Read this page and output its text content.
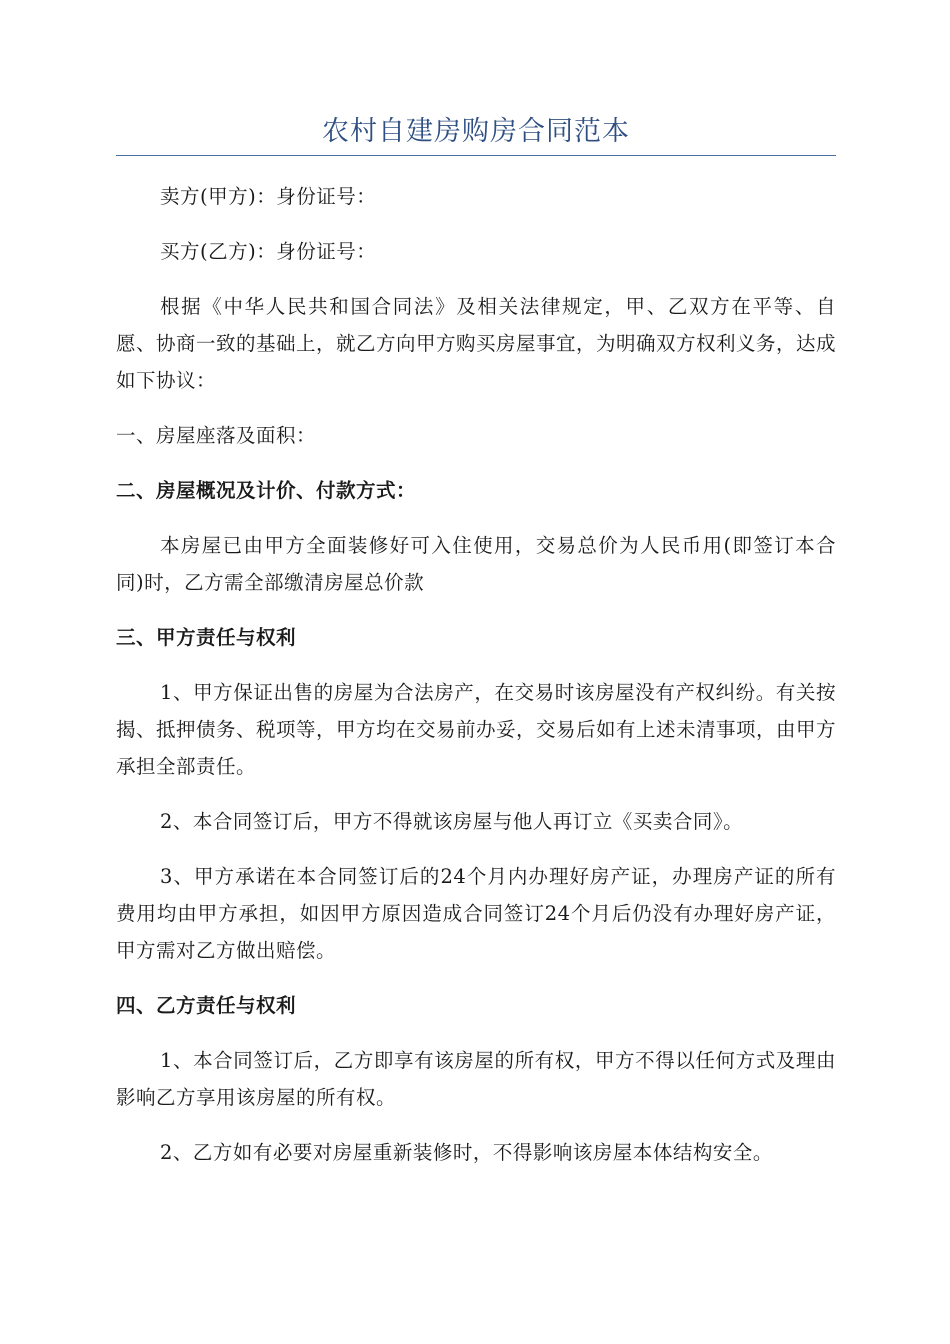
农村自建房购房合同范本

卖方(甲方)：身份证号：

买方(乙方)：身份证号：

根据《中华人民共和国合同法》及相关法律规定，甲、乙双方在平等、自愿、协商一致的基础上，就乙方向甲方购买房屋事宜，为明确双方权利义务，达成如下协议：

一、房屋座落及面积：

二、房屋概况及计价、付款方式：

本房屋已由甲方全面装修好可入住使用，交易总价为人民币用(即签订本合同)时，乙方需全部缴清房屋总价款

三、甲方责任与权利

1、甲方保证出售的房屋为合法房产，在交易时该房屋没有产权纠纷。有关按揭、抵押债务、税项等，甲方均在交易前办妥，交易后如有上述未清事项，由甲方承担全部责任。

2、本合同签订后，甲方不得就该房屋与他人再订立《买卖合同》。

3、甲方承诺在本合同签订后的24个月内办理好房产证，办理房产证的所有费用均由甲方承担，如因甲方原因造成合同签订24个月后仍没有办理好房产证，甲方需对乙方做出赔偿。

四、乙方责任与权利

1、本合同签订后，乙方即享有该房屋的所有权，甲方不得以任何方式及理由影响乙方享用该房屋的所有权。

2、乙方如有必要对房屋重新装修时，不得影响该房屋本体结构安全。
